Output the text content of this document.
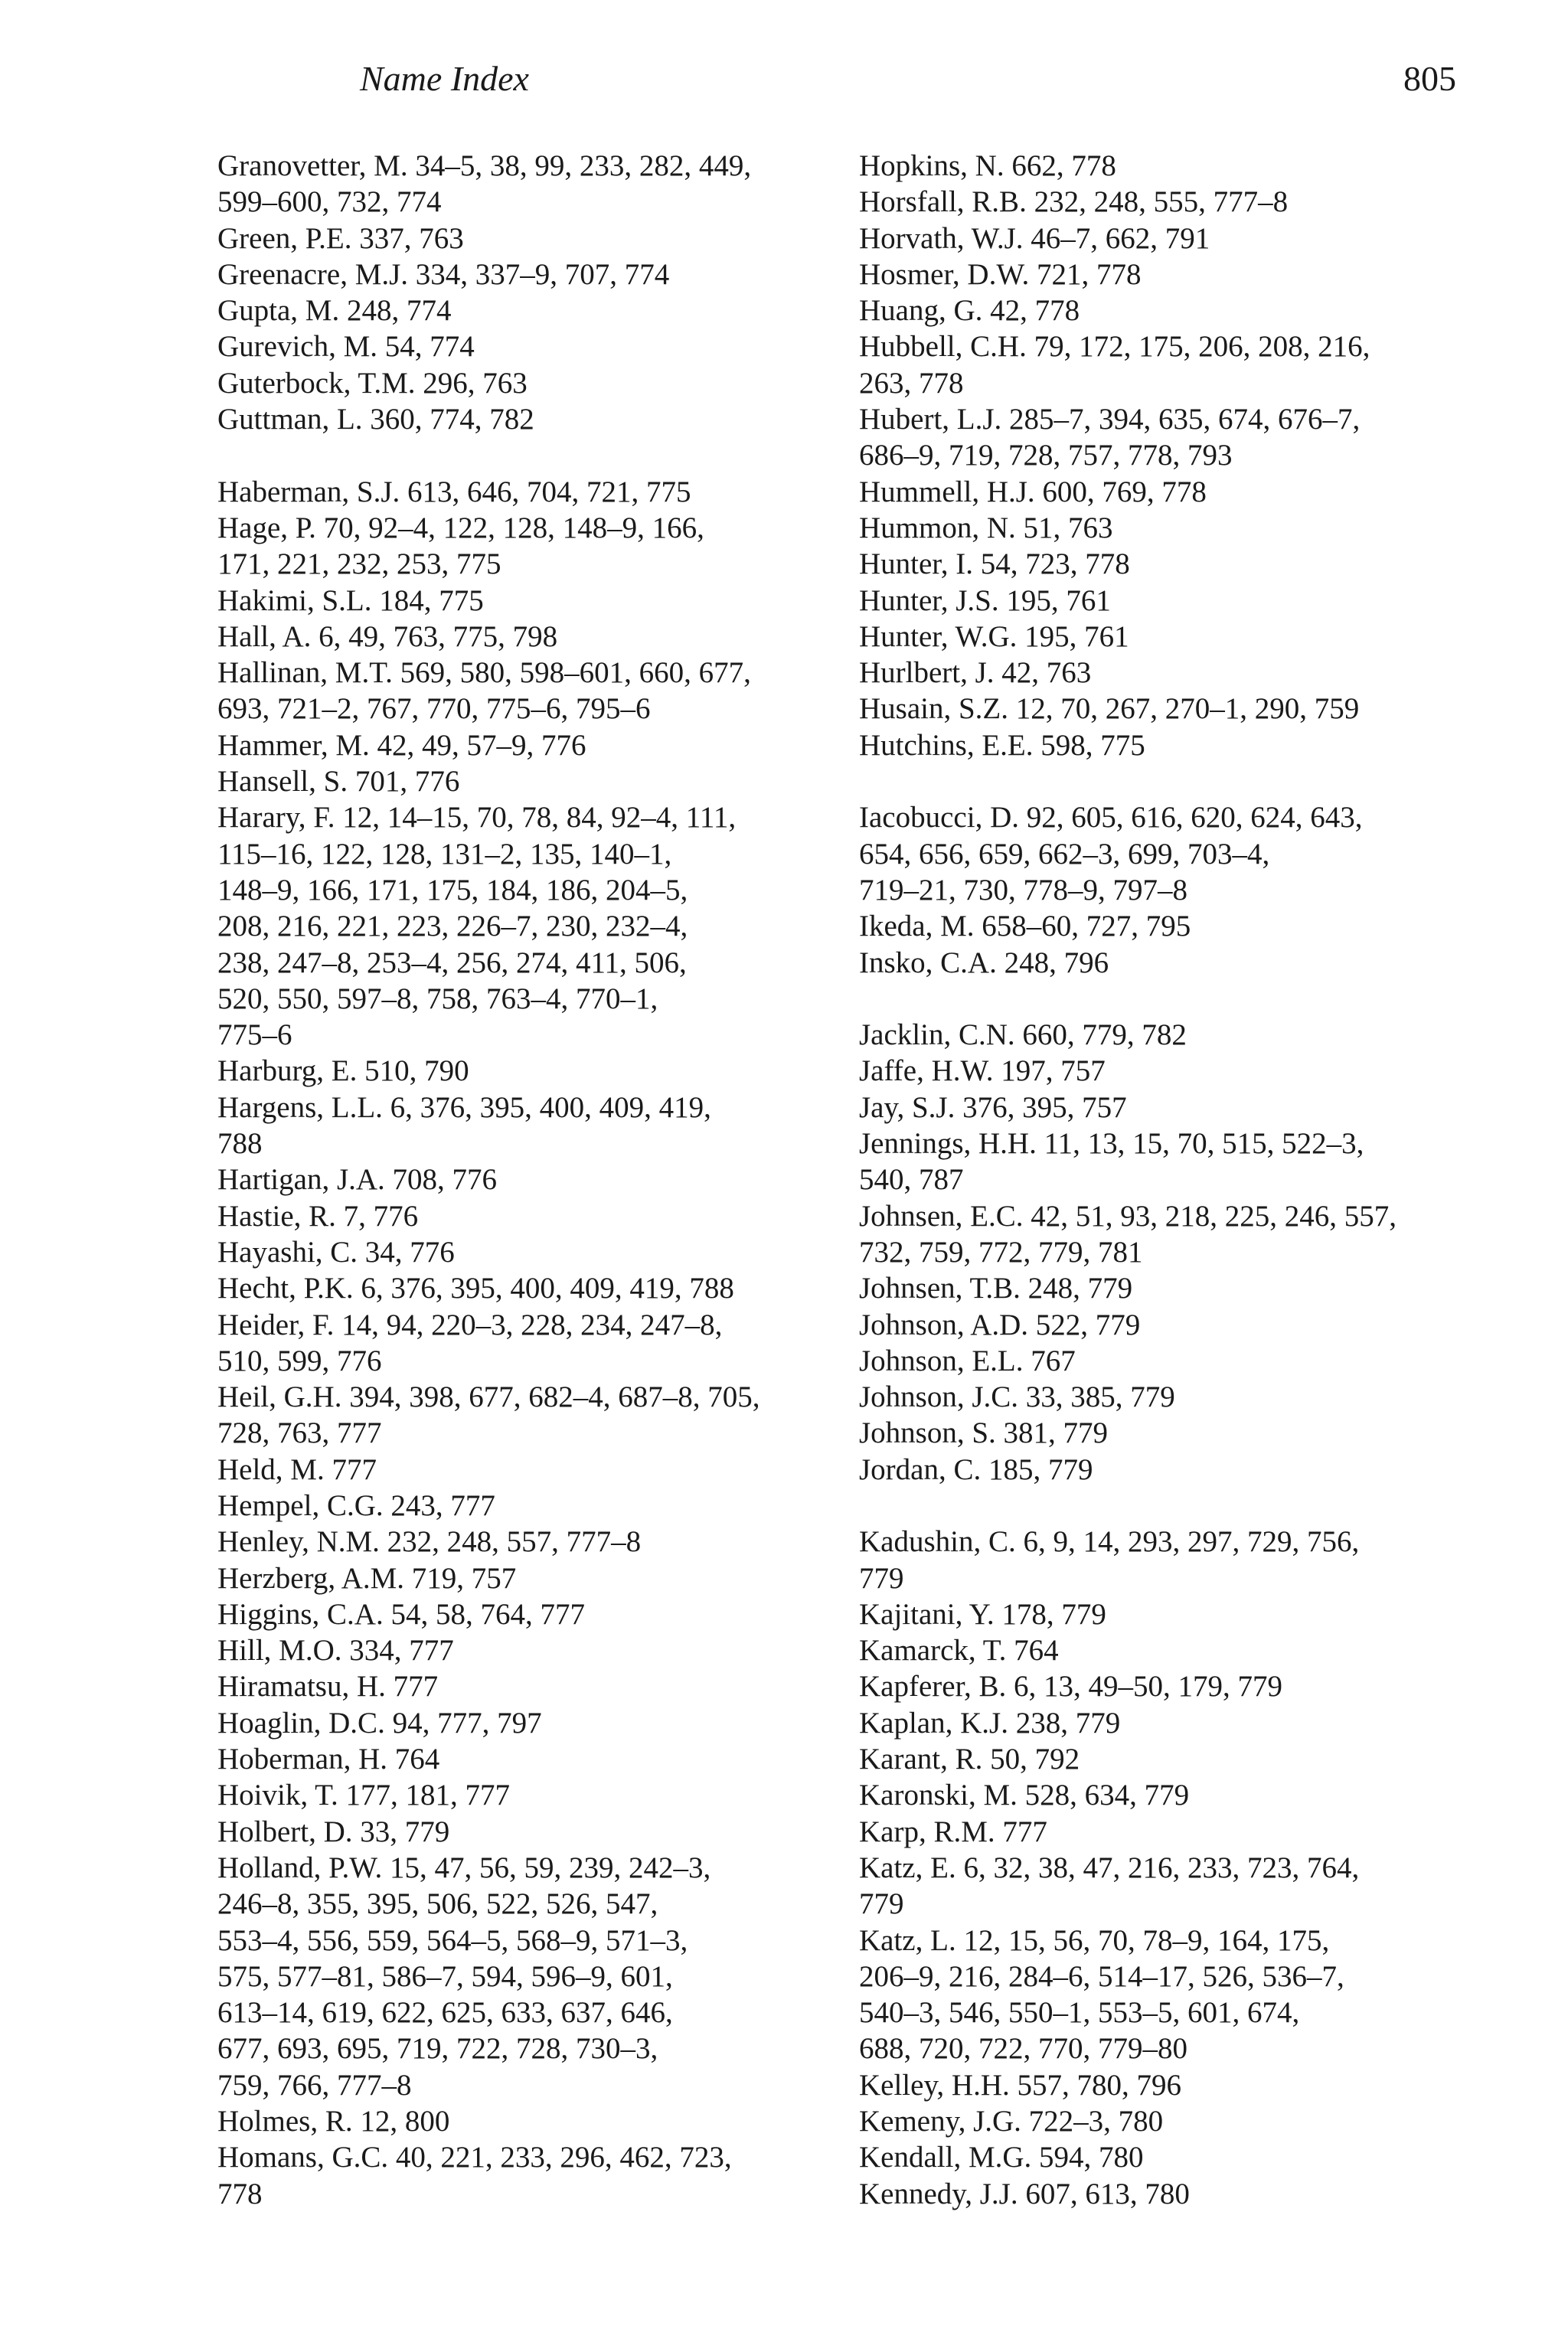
Name Index	805
Granovetter, M. 34–5, 38, 99, 233, 282, 449,
599–600, 732, 774
Green, P.E. 337, 763
Greenacre, M.J. 334, 337–9, 707, 774
Gupta, M. 248, 774
Gurevich, M. 54, 774
Guterbock, T.M. 296, 763
Guttman, L. 360, 774, 782
Haberman, S.J. 613, 646, 704, 721, 775
Hage, P. 70, 92–4, 122, 128, 148–9, 166,
171, 221, 232, 253, 775
Hakimi, S.L. 184, 775
Hall, A. 6, 49, 763, 775, 798
Hallinan, M.T. 569, 580, 598–601, 660, 677,
693, 721–2, 767, 770, 775–6, 795–6
Hammer, M. 42, 49, 57–9, 776
Hansell, S. 701, 776
Harary, F. 12, 14–15, 70, 78, 84, 92–4, 111,
115–16, 122, 128, 131–2, 135, 140–1,
148–9, 166, 171, 175, 184, 186, 204–5,
208, 216, 221, 223, 226–7, 230, 232–4,
238, 247–8, 253–4, 256, 274, 411, 506,
520, 550, 597–8, 758, 763–4, 770–1,
775–6
Harburg, E. 510, 790
Hargens, L.L. 6, 376, 395, 400, 409, 419,
788
Hartigan, J.A. 708, 776
Hastie, R. 7, 776
Hayashi, C. 34, 776
Hecht, P.K. 6, 376, 395, 400, 409, 419, 788
Heider, F. 14, 94, 220–3, 228, 234, 247–8,
510, 599, 776
Heil, G.H. 394, 398, 677, 682–4, 687–8, 705,
728, 763, 777
Held, M. 777
Hempel, C.G. 243, 777
Henley, N.M. 232, 248, 557, 777–8
Herzberg, A.M. 719, 757
Higgins, C.A. 54, 58, 764, 777
Hill, M.O. 334, 777
Hiramatsu, H. 777
Hoaglin, D.C. 94, 777, 797
Hoberman, H. 764
Hoivik, T. 177, 181, 777
Holbert, D. 33, 779
Holland, P.W. 15, 47, 56, 59, 239, 242–3,
246–8, 355, 395, 506, 522, 526, 547,
553–4, 556, 559, 564–5, 568–9, 571–3,
575, 577–81, 586–7, 594, 596–9, 601,
613–14, 619, 622, 625, 633, 637, 646,
677, 693, 695, 719, 722, 728, 730–3,
759, 766, 777–8
Holmes, R. 12, 800
Homans, G.C. 40, 221, 233, 296, 462, 723,
778
Hopkins, N. 662, 778
Horsfall, R.B. 232, 248, 555, 777–8
Horvath, W.J. 46–7, 662, 791
Hosmer, D.W. 721, 778
Huang, G. 42, 778
Hubbell, C.H. 79, 172, 175, 206, 208, 216,
263, 778
Hubert, L.J. 285–7, 394, 635, 674, 676–7,
686–9, 719, 728, 757, 778, 793
Hummell, H.J. 600, 769, 778
Hummon, N. 51, 763
Hunter, I. 54, 723, 778
Hunter, J.S. 195, 761
Hunter, W.G. 195, 761
Hurlbert, J. 42, 763
Husain, S.Z. 12, 70, 267, 270–1, 290, 759
Hutchins, E.E. 598, 775
Iacobucci, D. 92, 605, 616, 620, 624, 643,
654, 656, 659, 662–3, 699, 703–4,
719–21, 730, 778–9, 797–8
Ikeda, M. 658–60, 727, 795
Insko, C.A. 248, 796
Jacklin, C.N. 660, 779, 782
Jaffe, H.W. 197, 757
Jay, S.J. 376, 395, 757
Jennings, H.H. 11, 13, 15, 70, 515, 522–3,
540, 787
Johnsen, E.C. 42, 51, 93, 218, 225, 246, 557,
732, 759, 772, 779, 781
Johnsen, T.B. 248, 779
Johnson, A.D. 522, 779
Johnson, E.L. 767
Johnson, J.C. 33, 385, 779
Johnson, S. 381, 779
Jordan, C. 185, 779
Kadushin, C. 6, 9, 14, 293, 297, 729, 756,
779
Kajitani, Y. 178, 779
Kamarck, T. 764
Kapferer, B. 6, 13, 49–50, 179, 779
Kaplan, K.J. 238, 779
Karant, R. 50, 792
Karonski, M. 528, 634, 779
Karp, R.M. 777
Katz, E. 6, 32, 38, 47, 216, 233, 723, 764,
779
Katz, L. 12, 15, 56, 70, 78–9, 164, 175,
206–9, 216, 284–6, 514–17, 526, 536–7,
540–3, 546, 550–1, 553–5, 601, 674,
688, 720, 722, 770, 779–80
Kelley, H.H. 557, 780, 796
Kemeny, J.G. 722–3, 780
Kendall, M.G. 594, 780
Kennedy, J.J. 607, 613, 780
